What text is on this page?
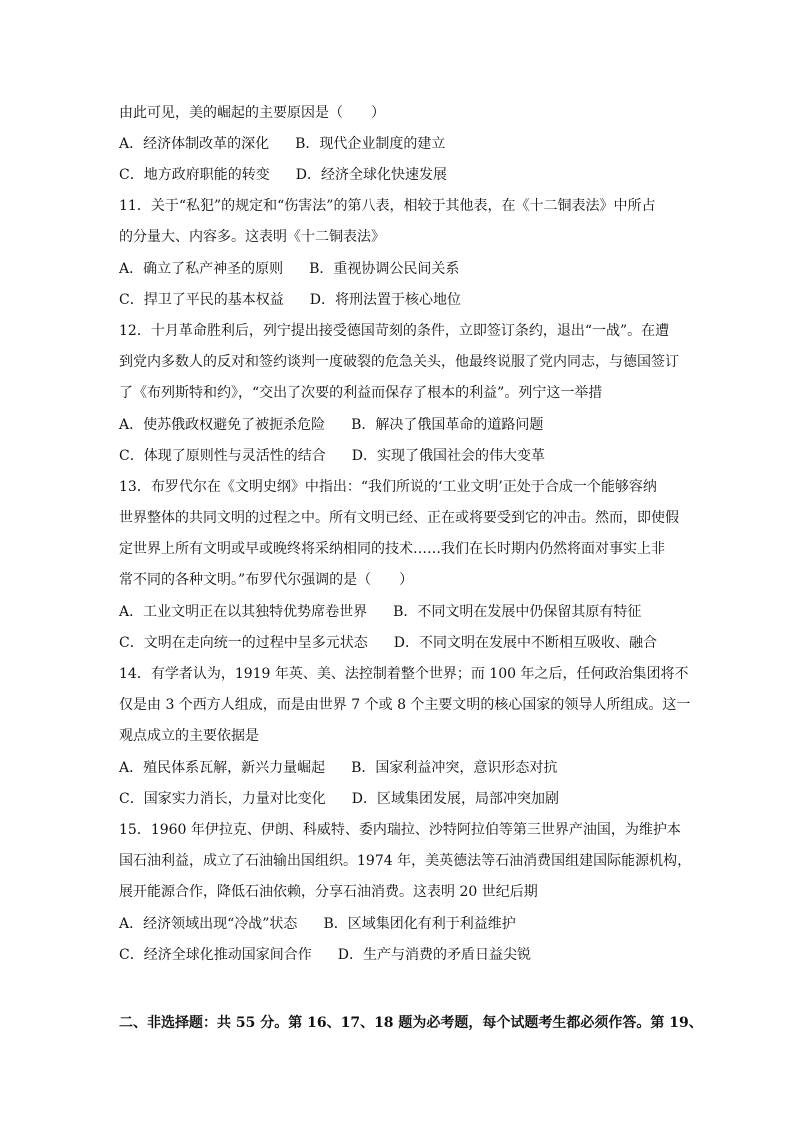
由此可见，美的崛起的主要原因是（　　）
A．经济体制改革的深化 B．现代企业制度的建立
C．地方政府职能的转变 D．经济全球化快速发展
11．关于“私犯”的规定和“伤害法”的第八表，相较于其他表，在《十二铜表法》中所占
的分量大、内容多。这表明《十二铜表法》
A．确立了私产神圣的原则 B．重视协调公民间关系
C．捍卫了平民的基本权益 D．将刑法置于核心地位
12．十月革命胜利后，列宁提出接受德国苛刻的条件，立即签订条约，退出“一战”。在遭
到党内多数人的反对和签约谈判一度破裂的危急关头，他最终说服了党内同志，与德国签订
了《布列斯特和约》，“交出了次要的利益而保存了根本的利益”。列宁这一举措
A．使苏俄政权避免了被扼杀危险 B．解决了俄国革命的道路问题
C．体现了原则性与灵活性的结合 D．实现了俄国社会的伟大变革
13．布罗代尔在《文明史纲》中指出：“我们所说的‘工业文明’正处于合成一个能够容纳
世界整体的共同文明的过程之中。所有文明已经、正在或将要受到它的冲击。然而，即使假
定世界上所有文明或早或晚终将采纳相同的技术……我们在长时期内仍然将面对事实上非
常不同的各种文明。”布罗代尔强调的是（　　）
A．工业文明正在以其独特优势席卷世界 B．不同文明在发展中仍保留其原有特征
C．文明在走向统一的过程中呈多元状态 D．不同文明在发展中不断相互吸收、融合
14．有学者认为，1919 年英、美、法控制着整个世界；而 100 年之后，任何政治集团将不
仅是由 3 个西方人组成，而是由世界 7 个或 8 个主要文明的核心国家的领导人所组成。这一
观点成立的主要依据是
A．殖民体系瓦解，新兴力量崛起 B．国家利益冲突，意识形态对抗
C．国家实力消长，力量对比变化 D．区域集团发展，局部冲突加剧
15．1960 年伊拉克、伊朗、科威特、委内瑞拉、沙特阿拉伯等第三世界产油国，为维护本
国石油利益，成立了石油输出国组织。1974 年，美英德法等石油消费国组建国际能源机构，
展开能源合作，降低石油依赖，分享石油消费。这表明 20 世纪后期
A．经济领域出现“冷战”状态 B．区域集团化有利于利益维护
C．经济全球化推动国家间合作 D．生产与消费的矛盾日益尖锐
二、非选择题：共 55 分。第 16、17、18 题为必考题，每个试题考生都必须作答。第 19、
